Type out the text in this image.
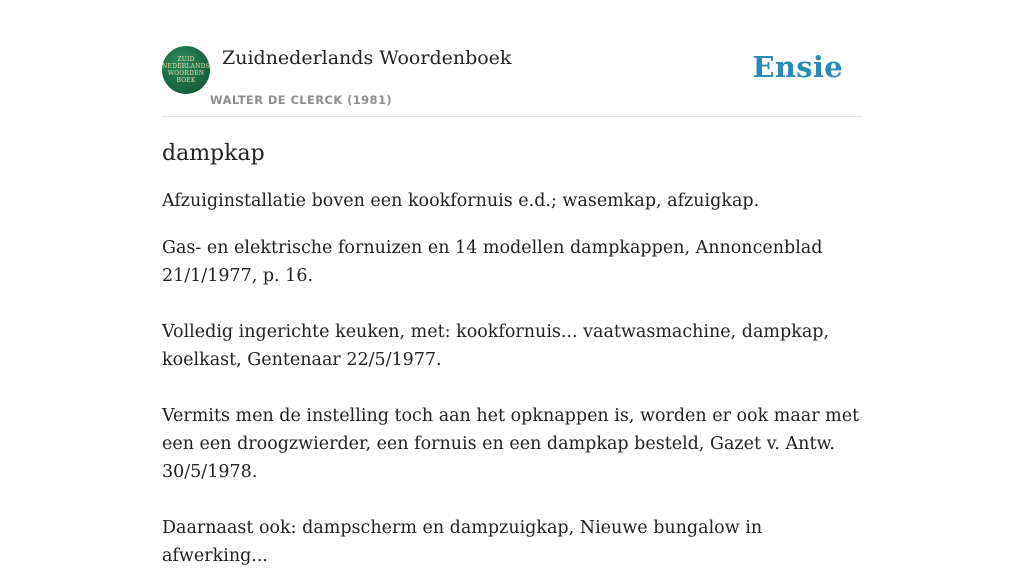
ZUID
NEDERLANDS
WOORDEN
BOEK
Zuidnederlands Woordenboek
WALTER DE CLERCK (1981)
Ensie
dampkap

Afzuiginstallatie boven een kookfornuis e.d.; wasemkap, afzuigkap.

Gas- en elektrische fornuizen en 14 modellen dampkappen, Annoncenblad 21/1/1977, p. 16.

Volledig ingerichte keuken, met: kookfornuis... vaatwasmachine, dampkap, koelkast, Gentenaar 22/5/1977.

Vermits men de instelling toch aan het opknappen is, worden er ook maar met een een droogzwierder, een fornuis en een dampkap besteld, Gazet v. Antw. 30/5/1978.

Daarnaast ook: dampscherm en dampzuigkap, Nieuwe bungalow in afwerking...
